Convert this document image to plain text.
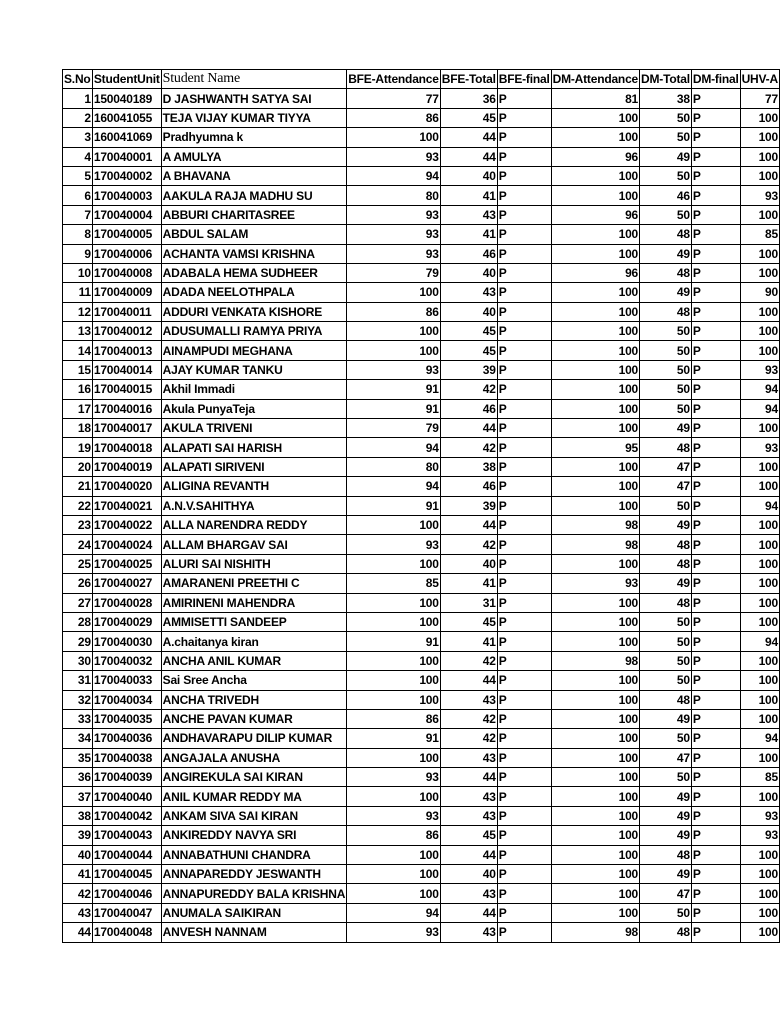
S.No	StudentUnit	Student Name	BFE-Attendance	BFE-Total	BFE-final	DM-Attendance	DM-Total	DM-final	UHV-A
1	150040189	D JASHWANTH SATYA SAI	77	36	P	81	38	P	77
2	160041055	TEJA VIJAY KUMAR TIYYA	86	45	P	100	50	P	100
3	160041069	Pradhyumna k	100	44	P	100	50	P	100
4	170040001	A AMULYA	93	44	P	96	49	P	100
5	170040002	A BHAVANA	94	40	P	100	50	P	100
6	170040003	AAKULA RAJA MADHU SU	80	41	P	100	46	P	93
7	170040004	ABBURI CHARITASREE	93	43	P	96	50	P	100
8	170040005	ABDUL SALAM	93	41	P	100	48	P	85
9	170040006	ACHANTA VAMSI KRISHNA	93	46	P	100	49	P	100
10	170040008	ADABALA HEMA SUDHEER	79	40	P	96	48	P	100
11	170040009	ADADA NEELOTHPALA	100	43	P	100	49	P	90
12	170040011	ADDURI VENKATA KISHORE	86	40	P	100	48	P	100
13	170040012	ADUSUMALLI RAMYA PRIYA	100	45	P	100	50	P	100
14	170040013	AINAMPUDI MEGHANA	100	45	P	100	50	P	100
15	170040014	AJAY KUMAR TANKU	93	39	P	100	50	P	93
16	170040015	Akhil Immadi	91	42	P	100	50	P	94
17	170040016	Akula PunyaTeja	91	46	P	100	50	P	94
18	170040017	AKULA TRIVENI	79	44	P	100	49	P	100
19	170040018	ALAPATI SAI HARISH	94	42	P	95	48	P	93
20	170040019	ALAPATI SIRIVENI	80	38	P	100	47	P	100
21	170040020	ALIGINA REVANTH	94	46	P	100	47	P	100
22	170040021	A.N.V.SAHITHYA	91	39	P	100	50	P	94
23	170040022	ALLA NARENDRA REDDY	100	44	P	98	49	P	100
24	170040024	ALLAM BHARGAV SAI	93	42	P	98	48	P	100
25	170040025	ALURI SAI NISHITH	100	40	P	100	48	P	100
26	170040027	AMARANENI PREETHI C	85	41	P	93	49	P	100
27	170040028	AMIRINENI MAHENDRA	100	31	P	100	48	P	100
28	170040029	AMMISETTI SANDEEP	100	45	P	100	50	P	100
29	170040030	A.chaitanya kiran	91	41	P	100	50	P	94
30	170040032	ANCHA ANIL KUMAR	100	42	P	98	50	P	100
31	170040033	Sai Sree Ancha	100	44	P	100	50	P	100
32	170040034	ANCHA TRIVEDH	100	43	P	100	48	P	100
33	170040035	ANCHE PAVAN KUMAR	86	42	P	100	49	P	100
34	170040036	ANDHAVARAPU DILIP KUMAR	91	42	P	100	50	P	94
35	170040038	ANGAJALA ANUSHA	100	43	P	100	47	P	100
36	170040039	ANGIREKULA SAI KIRAN	93	44	P	100	50	P	85
37	170040040	ANIL KUMAR REDDY MA	100	43	P	100	49	P	100
38	170040042	ANKAM SIVA SAI KIRAN	93	43	P	100	49	P	93
39	170040043	ANKIREDDY NAVYA SRI	86	45	P	100	49	P	93
40	170040044	ANNABATHUNI CHANDRA	100	44	P	100	48	P	100
41	170040045	ANNAPAREDDY JESWANTH	100	40	P	100	49	P	100
42	170040046	ANNAPUREDDY BALA KRISHNA	100	43	P	100	47	P	100
43	170040047	ANUMALA SAIKIRAN	94	44	P	100	50	P	100
44	170040048	ANVESH NANNAM	93	43	P	98	48	P	100
